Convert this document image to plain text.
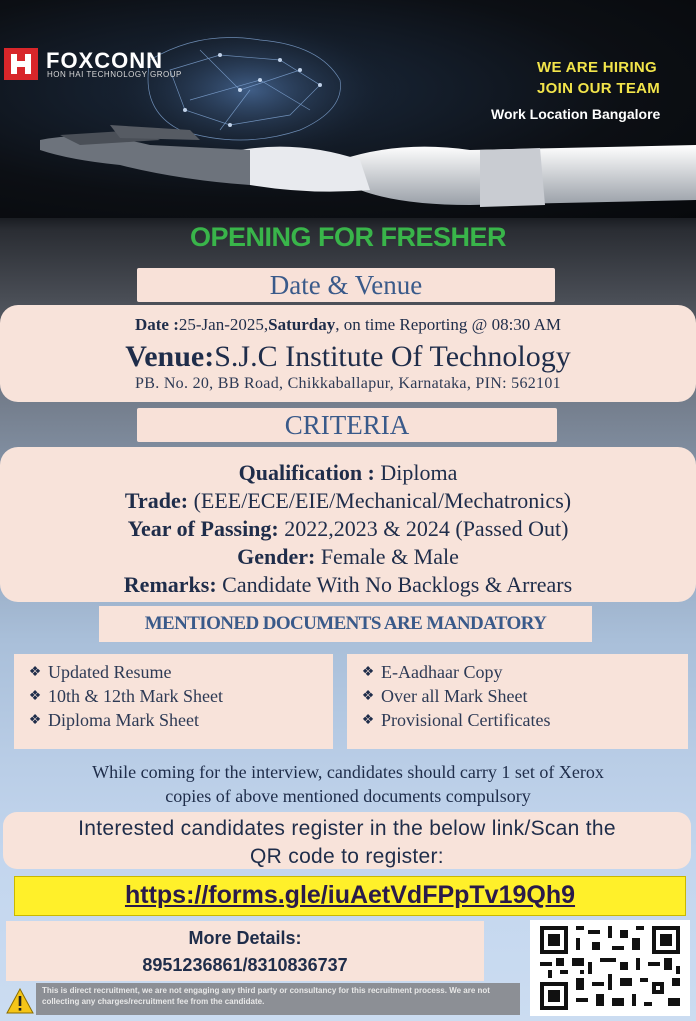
FOXCONN
HON HAI TECHNOLOGY GROUP	WE ARE HIRING
JOIN OUR TEAM
Work Location Bangalore
OPENING FOR FRESHER
Date & Venue
Date :25-Jan-2025,Saturday, on time Reporting @ 08:30 AM
Venue:S.J.C Institute Of Technology
PB. No. 20, BB Road, Chikkaballapur, Karnataka, PIN: 562101
CRITERIA
Qualification : Diploma
Trade: (EEE/ECE/EIE/Mechanical/Mechatronics)
Year of Passing: 2022,2023 & 2024 (Passed Out)
Gender: Female & Male
Remarks: Candidate With No Backlogs & Arrears
MENTIONED DOCUMENTS ARE MANDATORY
❖ Updated Resume
❖ 10th & 12th Mark Sheet
❖ Diploma Mark Sheet
❖ E-Aadhaar Copy
❖ Over all Mark Sheet
❖ Provisional Certificates
While coming for the interview, candidates should carry 1 set of Xerox
copies of above mentioned documents compulsory
Interested candidates register in the below link/Scan the
QR code to register:
https://forms.gle/iuAetVdFPpTv19Qh9
More Details:
8951236861/8310836737
This is direct recruitment, we are not engaging any third party or consultancy for this recruitment process. We are not collecting any charges/recruitment fee from the candidate.
